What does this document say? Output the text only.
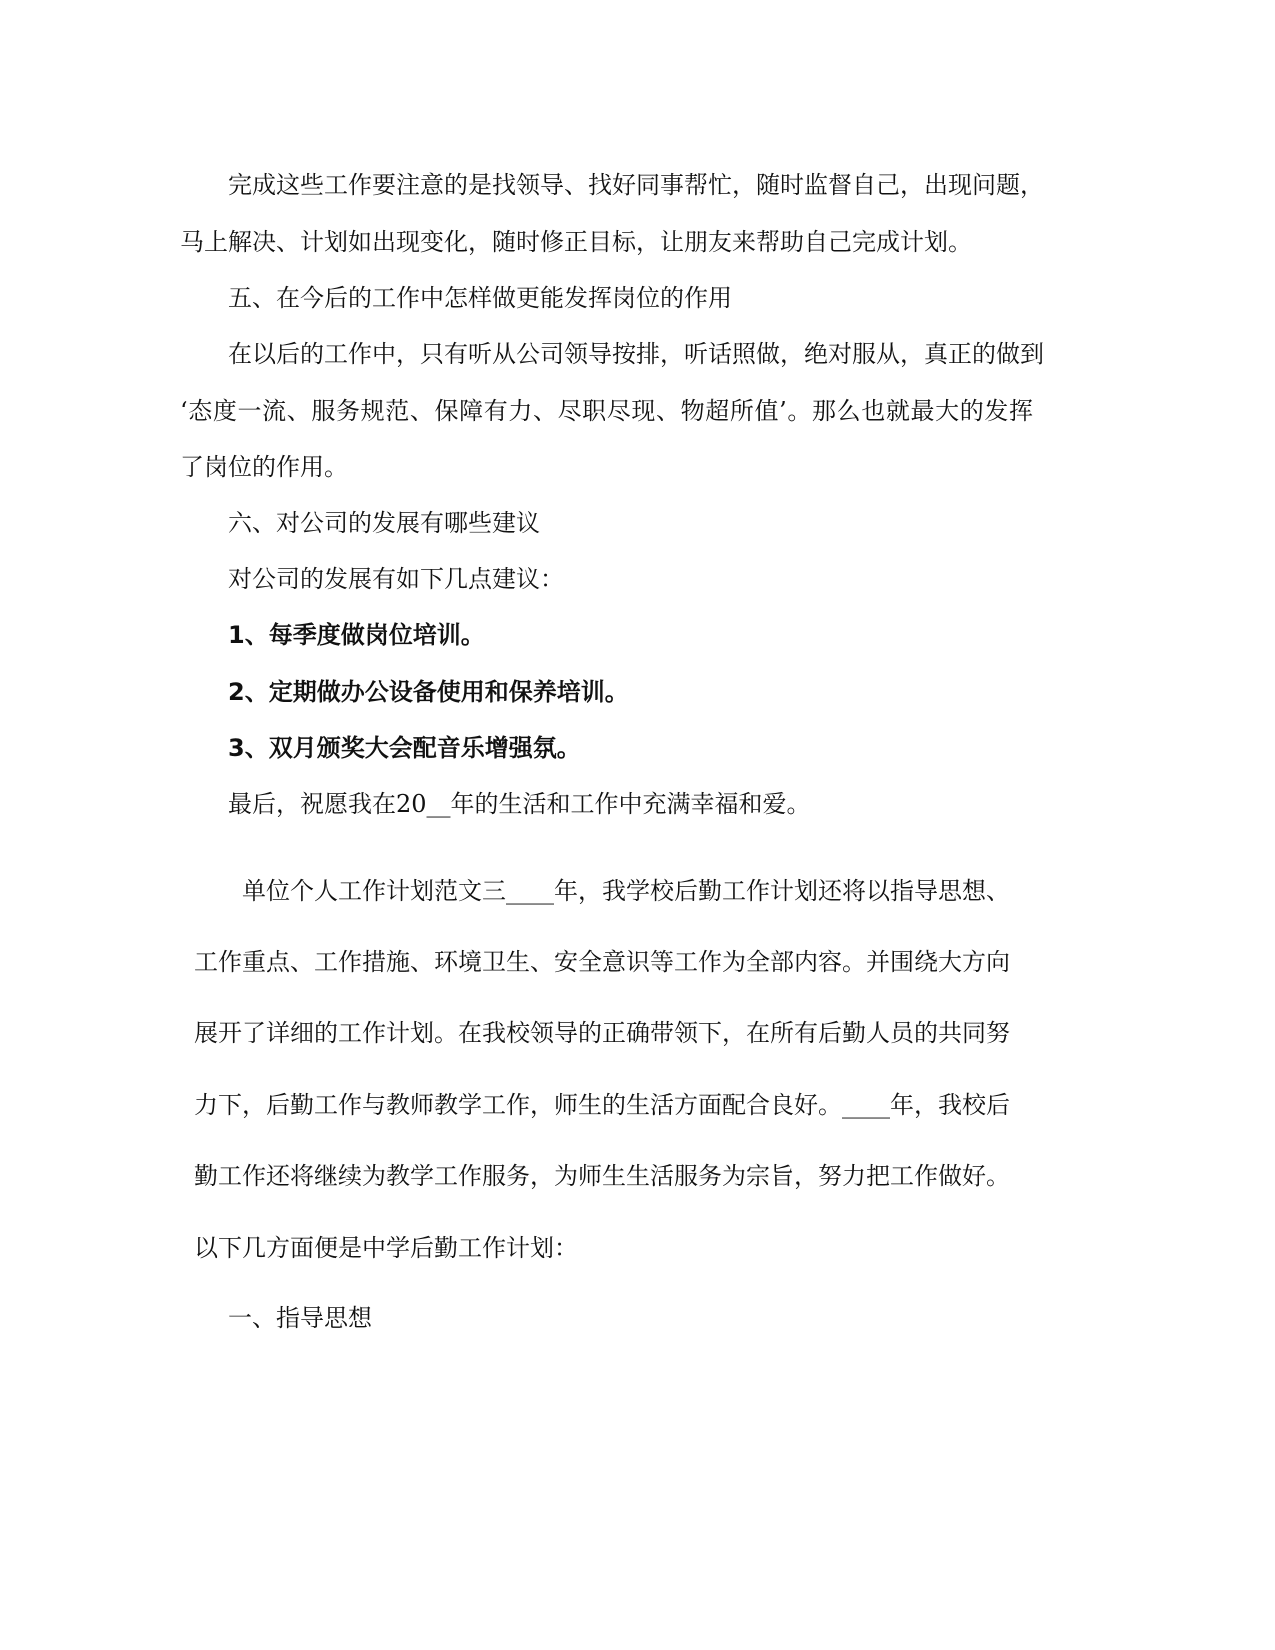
完成这些工作要注意的是找领导、找好同事帮忙，随时监督自己，出现问题，
马上解决、计划如出现变化，随时修正目标，让朋友来帮助自己完成计划。
五、在今后的工作中怎样做更能发挥岗位的作用
在以后的工作中，只有听从公司领导按排，听话照做，绝对服从，真正的做到
‘态度一流、服务规范、保障有力、尽职尽现、物超所值’。那么也就最大的发挥
了岗位的作用。
六、对公司的发展有哪些建议
对公司的发展有如下几点建议：
1、每季度做岗位培训。
2、定期做办公设备使用和保养培训。
3、双月颁奖大会配音乐增强氛。
最后，祝愿我在20__年的生活和工作中充满幸福和爱。
单位个人工作计划范文三____年，我学校后勤工作计划还将以指导思想、
工作重点、工作措施、环境卫生、安全意识等工作为全部内容。并围绕大方向
展开了详细的工作计划。在我校领导的正确带领下，在所有后勤人员的共同努
力下，后勤工作与教师教学工作，师生的生活方面配合良好。____年，我校后
勤工作还将继续为教学工作服务，为师生生活服务为宗旨，努力把工作做好。
以下几方面便是中学后勤工作计划：
一、指导思想
